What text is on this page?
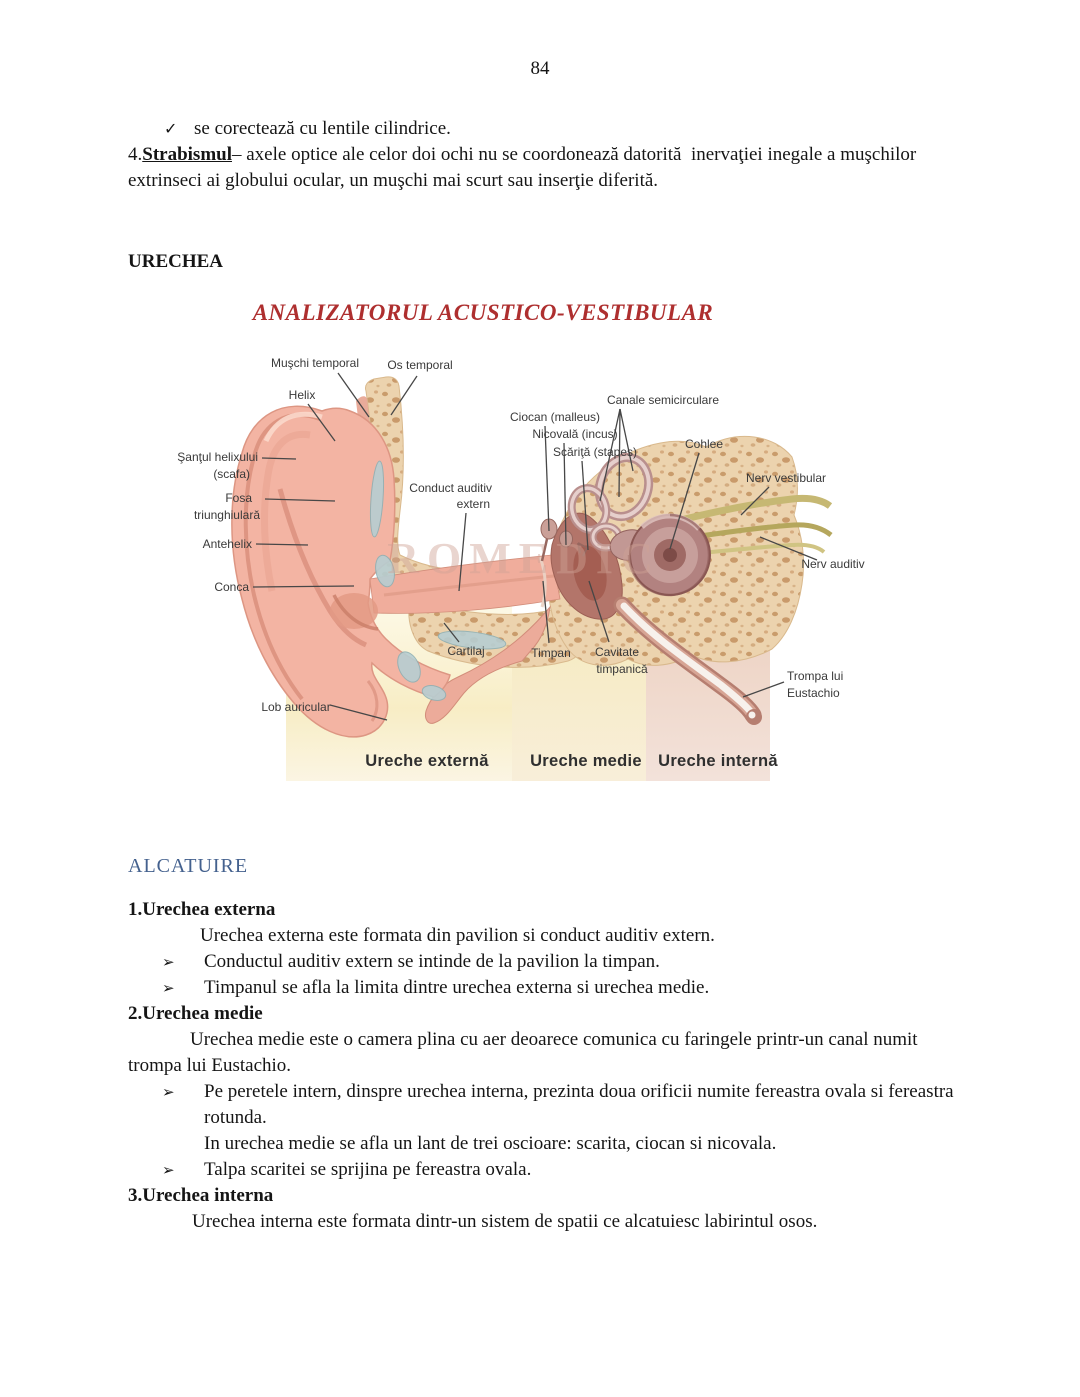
84
✓ se corectează cu lentile cilindrice.

4.Strabismul– axele optice ale celor doi ochi nu se coordonează datorită  inervaţiei inegale a muşchilor extrinseci ai globului ocular, un muşchi mai scurt sau inserţie diferită.

URECHEA
ANALIZATORUL ACUSTICO-VESTIBULAR
ROMEDIC
Muşchi temporal Os temporal
Helix
Şanţul helixului
(scafa)
Fosa
triunghiulară
Antehelix
Conca
Conduct auditiv
extern
Cartilaj
Lob auricular
Ciocan (malleus)
Nicovală (incus)
Scăriţă (stapes)
Canale semicirculare
Cohlee
Nerv vestibular
Nerv auditiv
Timpan Cavitate
timpanică	Trompa lui
Eustachio
Ureche externă	Ureche medie Ureche internă
ALCATUIRE

1.Urechea externa

Urechea externa este formata din pavilion si conduct auditiv extern.

➢ Conductul auditiv extern se intinde de la pavilion la timpan.

➢ Timpanul se afla la limita dintre urechea externa si urechea medie.

2.Urechea medie

Urechea medie este o camera plina cu aer deoarece comunica cu faringele printr-un canal numit trompa lui Eustachio.

➢ Pe peretele intern, dinspre urechea interna, prezinta doua orificii numite fereastra ovala si fereastra rotunda.

In urechea medie se afla un lant de trei oscioare: scarita, ciocan si nicovala.

➢ Talpa scaritei se sprijina pe fereastra ovala.

3.Urechea interna

Urechea interna este formata dintr-un sistem de spatii ce alcatuiesc labirintul osos.
